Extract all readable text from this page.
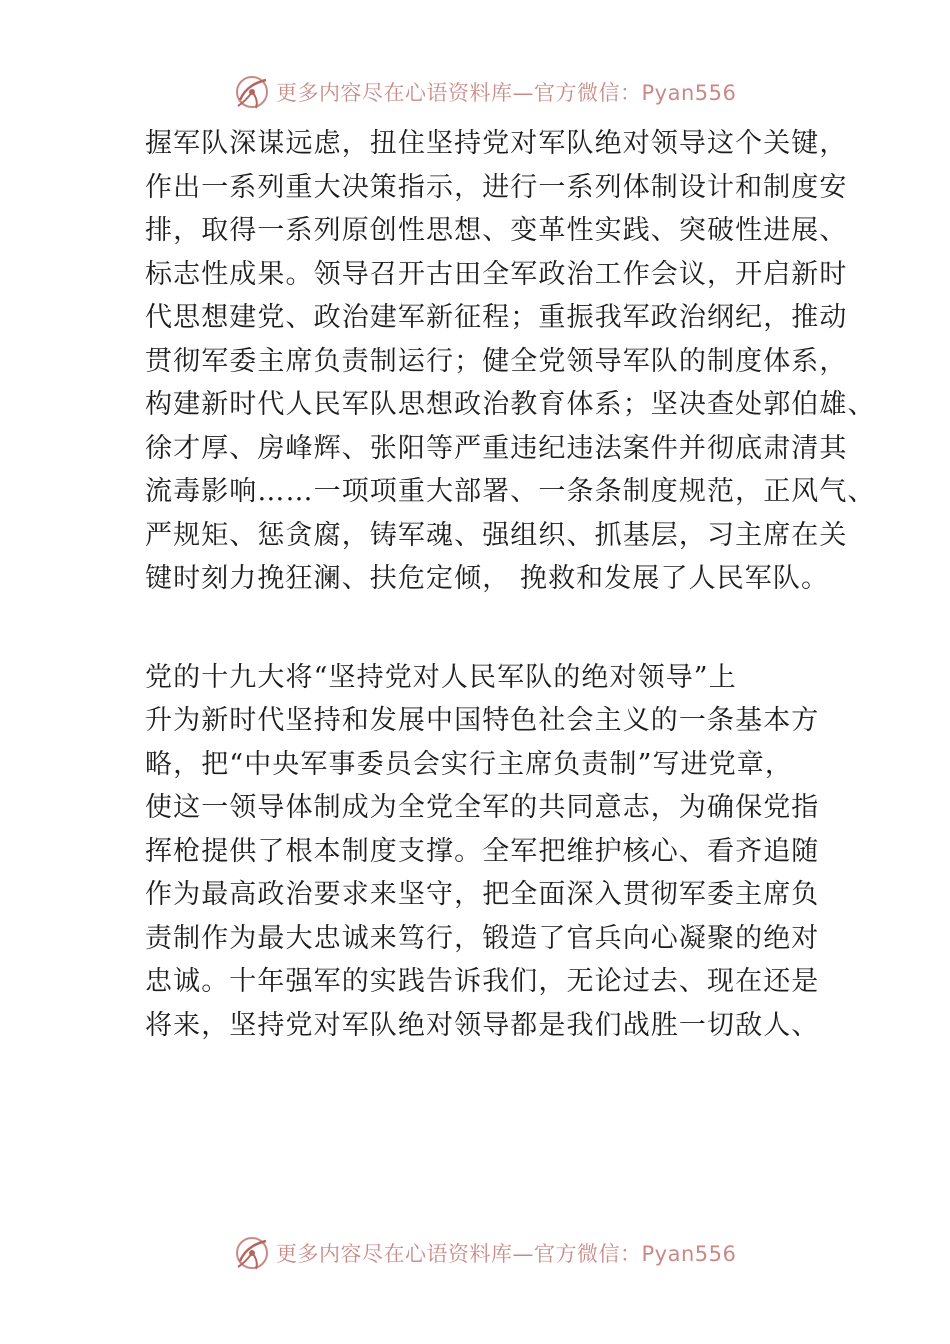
更多内容尽在心语资料库—官方微信：Pyan556
握军队深谋远虑，扭住坚持党对军队绝对领导这个关键，
作出一系列重大决策指示，进行一系列体制设计和制度安
排，取得一系列原创性思想、变革性实践、突破性进展、
标志性成果。领导召开古田全军政治工作会议，开启新时
代思想建党、政治建军新征程；重振我军政治纲纪，推动
贯彻军委主席负责制运行；健全党领导军队的制度体系，
构建新时代人民军队思想政治教育体系；坚决查处郭伯雄、
徐才厚、房峰辉、张阳等严重违纪违法案件并彻底肃清其
流毒影响……一项项重大部署、一条条制度规范，正风气、
严规矩、惩贪腐，铸军魂、强组织、抓基层，习主席在关
键时刻力挽狂澜、扶危定倾， 挽救和发展了人民军队。
党的十九大将“坚持党对人民军队的绝对领导”上
升为新时代坚持和发展中国特色社会主义的一条基本方
略，把“中央军事委员会实行主席负责制”写进党章，
使这一领导体制成为全党全军的共同意志，为确保党指
挥枪提供了根本制度支撑。全军把维护核心、看齐追随
作为最高政治要求来坚守，把全面深入贯彻军委主席负
责制作为最大忠诚来笃行，锻造了官兵向心凝聚的绝对
忠诚。十年强军的实践告诉我们，无论过去、现在还是
将来，坚持党对军队绝对领导都是我们战胜一切敌人、
更多内容尽在心语资料库—官方微信：Pyan556
